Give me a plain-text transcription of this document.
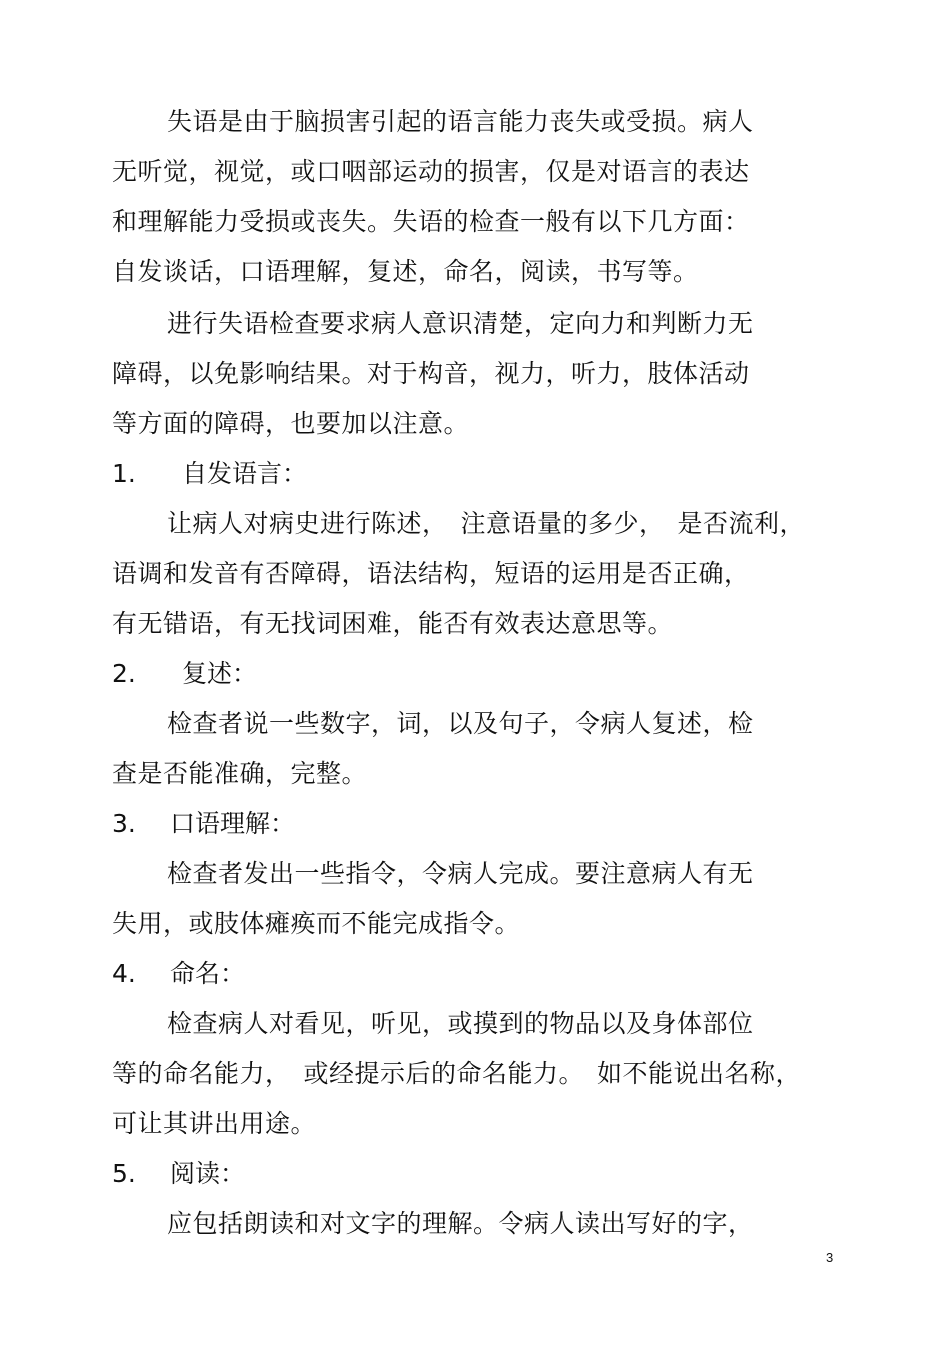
失语是由于脑损害引起的语言能力丧失或受损。病人
无听觉，视觉，或口咽部运动的损害，仅是对语言的表达
和理解能力受损或丧失。失语的检查一般有以下几方面：
自发谈话，口语理解，复述，命名，阅读，书写等。
进行失语检查要求病人意识清楚，定向力和判断力无
障碍，以免影响结果。对于构音，视力，听力，肢体活动
等方面的障碍，也要加以注意。
1. 自发语言：
让病人对病史进行陈述，　注意语量的多少，　是否流利，
语调和发音有否障碍，语法结构，短语的运用是否正确，
有无错语，有无找词困难，能否有效表达意思等。
2. 复述：
检查者说一些数字，词，以及句子，令病人复述，检
查是否能准确，完整。
3. 口语理解：
检查者发出一些指令，令病人完成。要注意病人有无
失用，或肢体瘫痪而不能完成指令。
4. 命名：
检查病人对看见，听见，或摸到的物品以及身体部位
等的命名能力，　或经提示后的命名能力。　如不能说出名称，
可让其讲出用途。
5. 阅读：
应包括朗读和对文字的理解。令病人读出写好的字，
3
